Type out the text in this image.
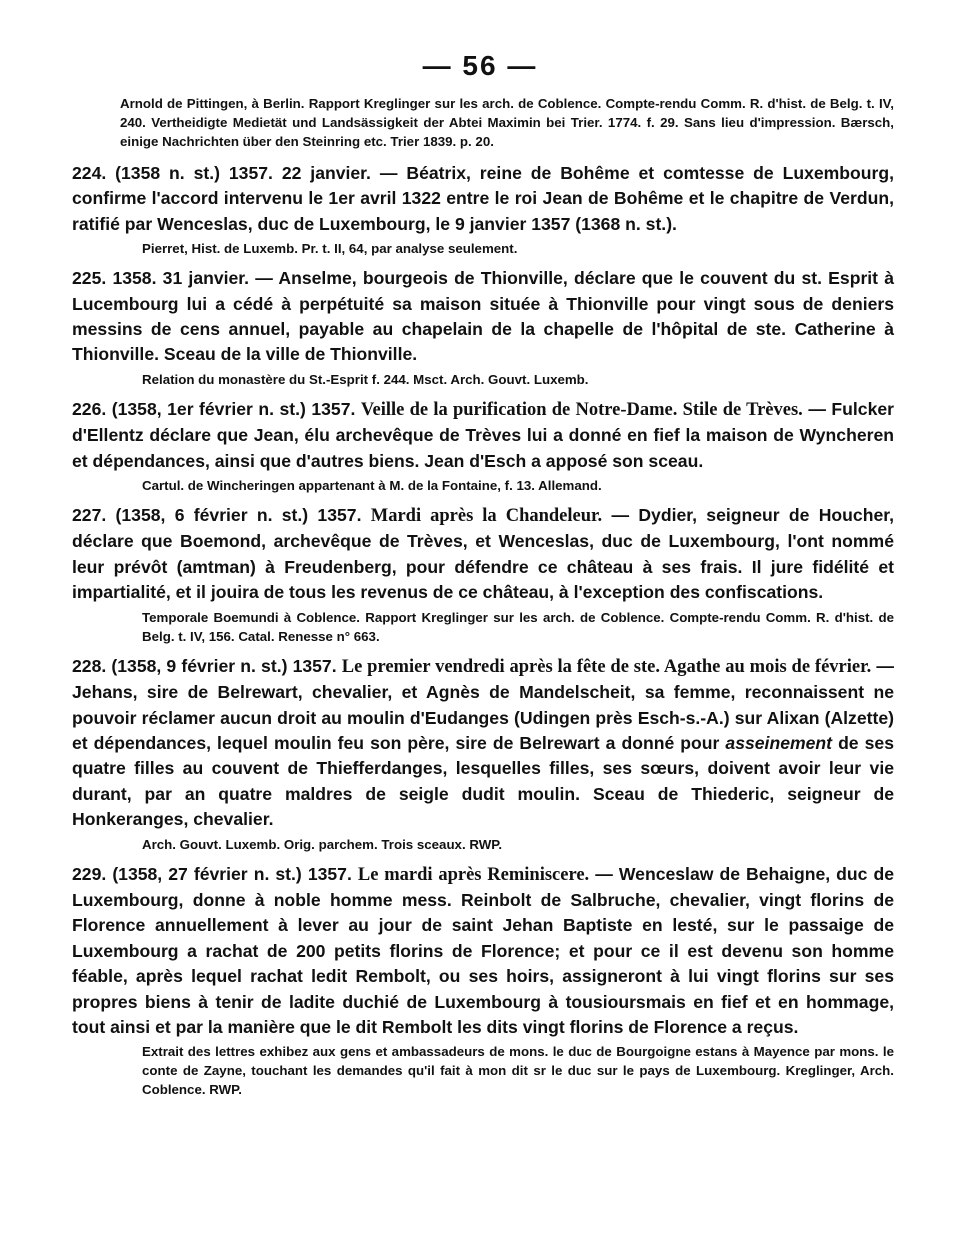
— 56 —

Arnold de Pittingen, à Berlin. Rapport Kreglinger sur les arch. de Coblence. Compte-rendu Comm. R. d'hist. de Belg. t. IV, 240. Vertheidigte Medietät und Landsässigkeit der Abtei Maximin bei Trier. 1774. f. 29. Sans lieu d'impression. Bærsch, einige Nachrichten über den Steinring etc. Trier 1839. p. 20.

224. (1358 n. st.) 1357. 22 janvier. — Béatrix, reine de Bohême et comtesse de Luxembourg, confirme l'accord intervenu le 1er avril 1322 entre le roi Jean de Bohême et le chapitre de Verdun, ratifié par Wenceslas, duc de Luxembourg, le 9 janvier 1357 (1368 n. st.).

Pierret, Hist. de Luxemb. Pr. t. II, 64, par analyse seulement.

225. 1358. 31 janvier. — Anselme, bourgeois de Thionville, déclare que le couvent du st. Esprit à Lucembourg lui a cédé à perpétuité sa maison située à Thionville pour vingt sous de deniers messins de cens annuel, payable au chapelain de la chapelle de l'hôpital de ste. Catherine à Thionville. Sceau de la ville de Thionville.

Relation du monastère du St.-Esprit f. 244. Msct. Arch. Gouvt. Luxemb.

226. (1358, 1er février n. st.) 1357. Veille de la purification de Notre-Dame. Stile de Trèves. — Fulcker d'Ellentz déclare que Jean, élu archevêque de Trèves lui a donné en fief la maison de Wyncheren et dépendances, ainsi que d'autres biens. Jean d'Esch a apposé son sceau.

Cartul. de Wincheringen appartenant à M. de la Fontaine, f. 13. Allemand.

227. (1358, 6 février n. st.) 1357. Mardi après la Chandeleur. — Dydier, seigneur de Houcher, déclare que Boemond, archevêque de Trèves, et Wenceslas, duc de Luxembourg, l'ont nommé leur prévôt (amtman) à Freudenberg, pour défendre ce château à ses frais. Il jure fidélité et impartialité, et il jouira de tous les revenus de ce château, à l'exception des confiscations.

Temporale Boemundi à Coblence. Rapport Kreglinger sur les arch. de Coblence. Compte-rendu Comm. R. d'hist. de Belg. t. IV, 156. Catal. Renesse n° 663.

228. (1358, 9 février n. st.) 1357. Le premier vendredi après la fête de ste. Agathe au mois de février. — Jehans, sire de Belrewart, chevalier, et Agnès de Mandelscheit, sa femme, reconnaissent ne pouvoir réclamer aucun droit au moulin d'Eudanges (Udingen près Esch-s.-A.) sur Alixan (Alzette) et dépendances, lequel moulin feu son père, sire de Belrewart a donné pour asseinement de ses quatre filles au couvent de Thiefferdanges, lesquelles filles, ses sœurs, doivent avoir leur vie durant, par an quatre maldres de seigle dudit moulin. Sceau de Thiederic, seigneur de Honkeranges, chevalier.

Arch. Gouvt. Luxemb. Orig. parchem. Trois sceaux. RWP.

229. (1358, 27 février n. st.) 1357. Le mardi après Reminiscere. — Wenceslaw de Behaigne, duc de Luxembourg, donne à noble homme mess. Reinbolt de Salbruche, chevalier, vingt florins de Florence annuellement à lever au jour de saint Jehan Baptiste en lesté, sur le passaige de Luxembourg a rachat de 200 petits florins de Florence; et pour ce il est devenu son homme féable, après lequel rachat ledit Rembolt, ou ses hoirs, assigneront à lui vingt florins sur ses propres biens à tenir de ladite duchié de Luxembourg à tousioursmais en fief et en hommage, tout ainsi et par la manière que le dit Rembolt les dits vingt florins de Florence a reçus.

Extrait des lettres exhibez aux gens et ambassadeurs de mons. le duc de Bourgoigne estans à Mayence par mons. le conte de Zayne, touchant les demandes qu'il fait à mon dit sr le duc sur le pays de Luxembourg. Kreglinger, Arch. Coblence. RWP.
